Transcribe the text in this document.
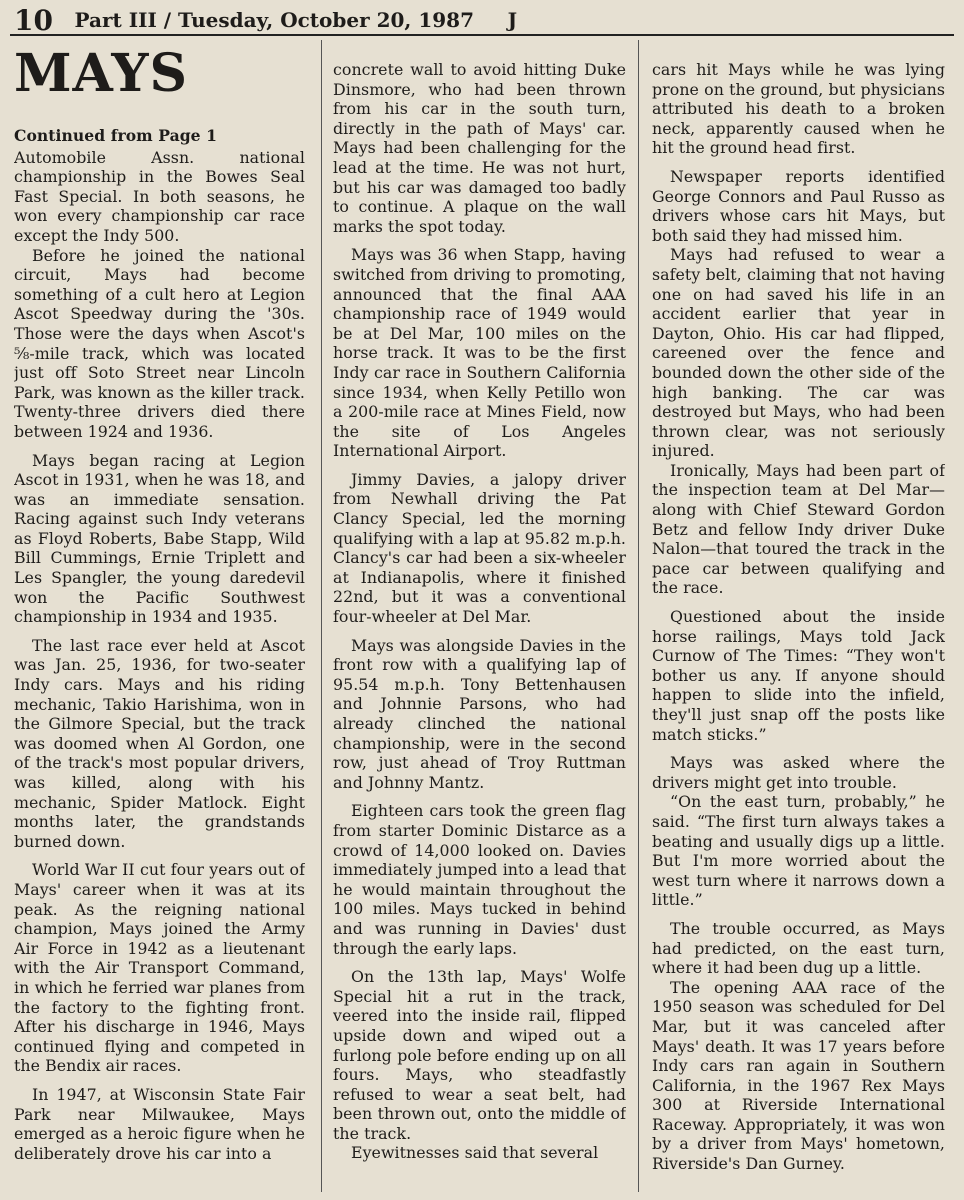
10 Part III / Tuesday, October 20, 1987 J
MAYS
Continued from Page 1

Automobile Assn. national championship in the Bowes Seal Fast Special. In both seasons, he won every championship car race except the Indy 500.

Before he joined the national circuit, Mays had become something of a cult hero at Legion Ascot Speedway during the '30s. Those were the days when Ascot's ⅝-mile track, which was located just off Soto Street near Lincoln Park, was known as the killer track. Twenty-three drivers died there between 1924 and 1936.

Mays began racing at Legion Ascot in 1931, when he was 18, and was an immediate sensation. Racing against such Indy veterans as Floyd Roberts, Babe Stapp, Wild Bill Cummings, Ernie Triplett and Les Spangler, the young daredevil won the Pacific Southwest championship in 1934 and 1935.

The last race ever held at Ascot was Jan. 25, 1936, for two-seater Indy cars. Mays and his riding mechanic, Takio Harishima, won in the Gilmore Special, but the track was doomed when Al Gordon, one of the track's most popular drivers, was killed, along with his mechanic, Spider Matlock. Eight months later, the grandstands burned down.

World War II cut four years out of Mays' career when it was at its peak. As the reigning national champion, Mays joined the Army Air Force in 1942 as a lieutenant with the Air Transport Command, in which he ferried war planes from the factory to the fighting front. After his discharge in 1946, Mays continued flying and competed in the Bendix air races.

In 1947, at Wisconsin State Fair Park near Milwaukee, Mays emerged as a heroic figure when he deliberately drove his car into a

concrete wall to avoid hitting Duke Dinsmore, who had been thrown from his car in the south turn, directly in the path of Mays' car. Mays had been challenging for the lead at the time. He was not hurt, but his car was damaged too badly to continue. A plaque on the wall marks the spot today.

Mays was 36 when Stapp, having switched from driving to promoting, announced that the final AAA championship race of 1949 would be at Del Mar, 100 miles on the horse track. It was to be the first Indy car race in Southern California since 1934, when Kelly Petillo won a 200-mile race at Mines Field, now the site of Los Angeles International Airport.

Jimmy Davies, a jalopy driver from Newhall driving the Pat Clancy Special, led the morning qualifying with a lap at 95.82 m.p.h. Clancy's car had been a six-wheeler at Indianapolis, where it finished 22nd, but it was a conventional four-wheeler at Del Mar.

Mays was alongside Davies in the front row with a qualifying lap of 95.54 m.p.h. Tony Bettenhausen and Johnnie Parsons, who had already clinched the national championship, were in the second row, just ahead of Troy Ruttman and Johnny Mantz.

Eighteen cars took the green flag from starter Dominic Distarce as a crowd of 14,000 looked on. Davies immediately jumped into a lead that he would maintain throughout the 100 miles. Mays tucked in behind and was running in Davies' dust through the early laps.

On the 13th lap, Mays' Wolfe Special hit a rut in the track, veered into the inside rail, flipped upside down and wiped out a furlong pole before ending up on all fours. Mays, who steadfastly refused to wear a seat belt, had been thrown out, onto the middle of the track.

Eyewitnesses said that several

cars hit Mays while he was lying prone on the ground, but physicians attributed his death to a broken neck, apparently caused when he hit the ground head first.

Newspaper reports identified George Connors and Paul Russo as drivers whose cars hit Mays, but both said they had missed him.

Mays had refused to wear a safety belt, claiming that not having one on had saved his life in an accident earlier that year in Dayton, Ohio. His car had flipped, careened over the fence and bounded down the other side of the high banking. The car was destroyed but Mays, who had been thrown clear, was not seriously injured.

Ironically, Mays had been part of the inspection team at Del Mar—along with Chief Steward Gordon Betz and fellow Indy driver Duke Nalon—that toured the track in the pace car between qualifying and the race.

Questioned about the inside horse railings, Mays told Jack Curnow of The Times: “They won't bother us any. If anyone should happen to slide into the infield, they'll just snap off the posts like match sticks.”

Mays was asked where the drivers might get into trouble.

“On the east turn, probably,” he said. “The first turn always takes a beating and usually digs up a little. But I'm more worried about the west turn where it narrows down a little.”

The trouble occurred, as Mays had predicted, on the east turn, where it had been dug up a little.

The opening AAA race of the 1950 season was scheduled for Del Mar, but it was canceled after Mays' death. It was 17 years before Indy cars ran again in Southern California, in the 1967 Rex Mays 300 at Riverside International Raceway. Appropriately, it was won by a driver from Mays' hometown, Riverside's Dan Gurney.
